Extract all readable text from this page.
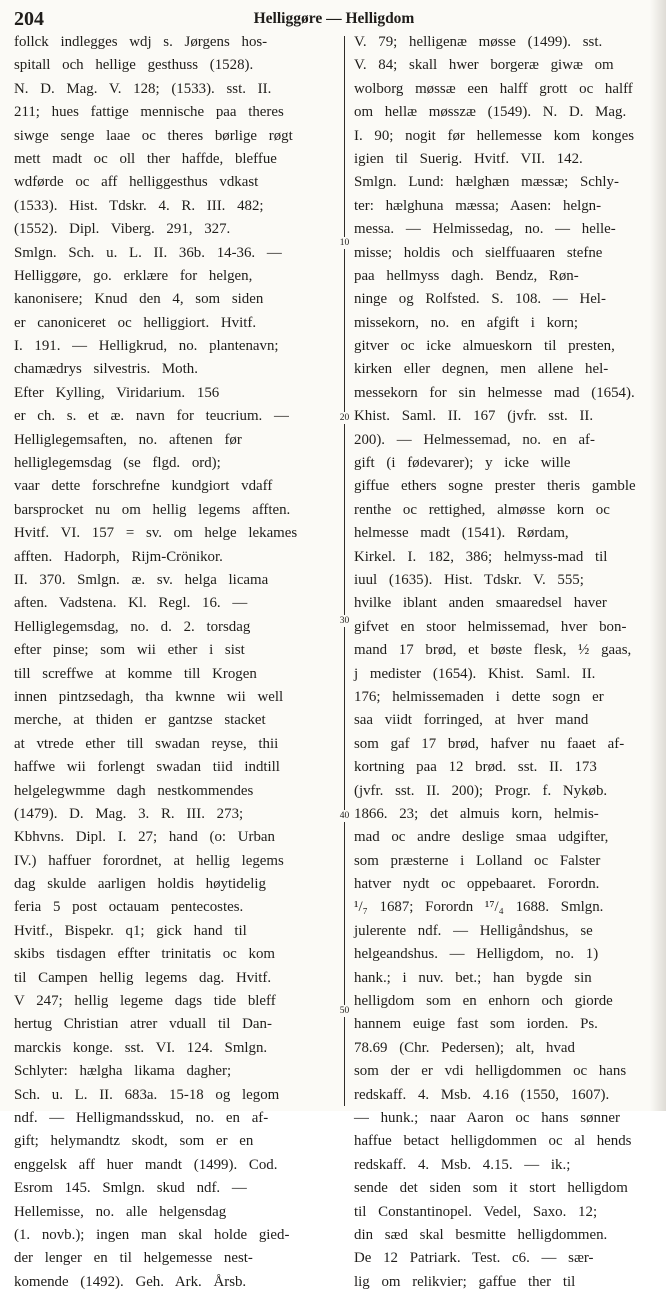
204	Helliggøre — Helligdom
follck indlegges wdj s. Jørgens hos-
spitall och hellige gesthuss (1528).
N. D. Mag. V. 128; (1533). sst. II.
211; hues fattige mennische paa theres
siwge senge laae oc theres børlige røgt
mett madt oc oll ther haffde, bleffue
wdførde oc aff helliggesthus vdkast
(1533). Hist. Tdskr. 4. R. III. 482;
(1552). Dipl. Viberg. 291, 327.
Smlgn. Sch. u. L. II. 36b. 14-36. —
Helliggøre, go. erklære for helgen,
kanonisere; Knud den 4, som siden
er canoniceret oc helliggiort. Hvitf.
I. 191. — Helligkrud, no. plantenavn;
chamædrys silvestris. Moth.
Efter Kylling, Viridarium. 156
er ch. s. et æ. navn for teucrium. —
Helliglegemsaften, no. aftenen før
helliglegemsdag (se flgd. ord);
vaar dette forschrefne kundgiort vdaff
barsprocket nu om hellig legems afften.
Hvitf. VI. 157 = sv. om helge lekames
afften. Hadorph, Rijm-Crönikor.
II. 370. Smlgn. æ. sv. helga licama
aften. Vadstena. Kl. Regl. 16. —
Helliglegemsdag, no. d. 2. torsdag
efter pinse; som wii ether i sist
till screffwe at komme till Krogen
innen pintzsedagh, tha kwnne wii well
merche, at thiden er gantzse stacket
at vtrede ether till swadan reyse, thii
haffwe wii forlengt swadan tiid indtill
helgelegwmme dagh nestkommendes
(1479). D. Mag. 3. R. III. 273;
Kbhvns. Dipl. I. 27; hand (o: Urban
IV.) haffuer forordnet, at hellig legems
dag skulde aarligen holdis høytidelig
feria 5 post octauam pentecostes.
Hvitf., Bispekr. q1; gick hand til
skibs tisdagen effter trinitatis oc kom
til Campen hellig legems dag. Hvitf.
V 247; hellig legeme dags tide bleff
hertug Christian atrer vduall til Dan-
marckis konge. sst. VI. 124. Smlgn.
Schlyter: hælgha likama dagher;
Sch. u. L. II. 683a. 15-18 og legom
ndf. — Helligmandsskud, no. en af-
gift; helymandtz skodt, som er en
enggelsk aff huer mandt (1499). Cod.
Esrom 145. Smlgn. skud ndf. —
Hellemisse, no. alle helgensdag
(1. novb.); ingen man skal holde gied-
der lenger en til helgemesse nest-
komende (1492). Geh. Ark. Årsb.
V. 79; helligenæ møsse (1499). sst.
V. 84; skall hwer borgeræ giwæ om
wolborg møssæ een halff grott oc halff
om hellæ møsszæ (1549). N. D. Mag.
I. 90; nogit før hellemesse kom konges
igien til Suerig. Hvitf. VII. 142.
Smlgn. Lund: hælghæn mæssæ; Schly-
ter: hælghuna mæssa; Aasen: helgn-
messa. — Helmissedag, no. — helle-
misse; holdis och sielffuaaren stefne
paa hellmyss dagh. Bendz, Røn-
ninge og Rolfsted. S. 108. — Hel-
missekorn, no. en afgift i korn;
gitver oc icke almueskorn til presten,
kirken eller degnen, men allene hel-
messekorn for sin helmesse mad (1654).
Khist. Saml. II. 167 (jvfr. sst. II.
200). — Helmessemad, no. en af-
gift (i fødevarer); y icke wille
giffue ethers sogne prester theris gamble
renthe oc rettighed, almøsse korn oc
helmesse madt (1541). Rørdam,
Kirkel. I. 182, 386; helmyss-mad til
iuul (1635). Hist. Tdskr. V. 555;
hvilke iblant anden smaaredsel haver
gifvet en stoor helmissemad, hver bon-
mand 17 brød, et bøste flesk, ½ gaas,
j medister (1654). Khist. Saml. II.
176; helmissemaden i dette sogn er
saa viidt forringed, at hver mand
som gaf 17 brød, hafver nu faaet af-
kortning paa 12 brød. sst. II. 173
(jvfr. sst. II. 200); Progr. f. Nykøb.
1866. 23; det almuis korn, helmis-
mad oc andre deslige smaa udgifter,
som præsterne i Lolland oc Falster
hatver nydt oc oppebaaret. Forordn.
¹/₇ 1687; Forordn ¹⁷/₄ 1688. Smlgn.
julerente ndf. — Helligåndshus, se
helgeandshus. — Helligdom, no. 1)
hank.; i nuv. bet.; han bygde sin
helligdom som en enhorn och giorde
hannem euige fast som iorden. Ps.
78.69 (Chr. Pedersen); alt, hvad
som der er vdi helligdommen oc hans
redskaff. 4. Msb. 4.16 (1550, 1607).
— hunk.; naar Aaron oc hans sønner
haffue betact helligdommen oc al hends
redskaff. 4. Msb. 4.15. — ik.;
sende det siden som it stort helligdom
til Constantinopel. Vedel, Saxo. 12;
din sæd skal besmitte helligdommen.
De 12 Patriark. Test. c6. — sær-
lig om relikvier; gaffue ther til
10
20
30
40
50
